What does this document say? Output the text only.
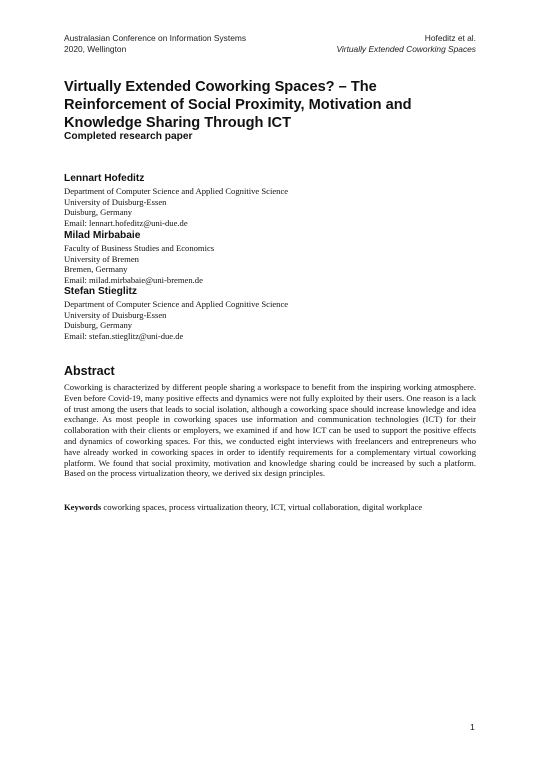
Australasian Conference on Information Systems
2020, Wellington
Hofeditz et al.
Virtually Extended Coworking Spaces
Virtually Extended Coworking Spaces? – The
Reinforcement of Social Proximity, Motivation and
Knowledge Sharing Through ICT
Completed research paper
Lennart Hofeditz
Department of Computer Science and Applied Cognitive Science
University of Duisburg-Essen
Duisburg, Germany
Email: lennart.hofeditz@uni-due.de
Milad Mirbabaie
Faculty of Business Studies and Economics
University of Bremen
Bremen, Germany
Email: milad.mirbabaie@uni-bremen.de
Stefan Stieglitz
Department of Computer Science and Applied Cognitive Science
University of Duisburg-Essen
Duisburg, Germany
Email: stefan.stieglitz@uni-due.de
Abstract
Coworking is characterized by different people sharing a workspace to benefit from the inspiring working atmosphere. Even before Covid-19, many positive effects and dynamics were not fully exploited by their users. One reason is a lack of trust among the users that leads to social isolation, although a coworking space should increase knowledge and idea exchange. As most people in coworking spaces use information and communication technologies (ICT) for their collaboration with their clients or employers, we examined if and how ICT can be used to support the positive effects and dynamics of coworking spaces. For this, we conducted eight interviews with freelancers and entrepreneurs who have already worked in coworking spaces in order to identify requirements for a complementary virtual coworking platform. We found that social proximity, motivation and knowledge sharing could be increased by such a platform. Based on the process virtualization theory, we derived six design principles.
Keywords coworking spaces, process virtualization theory, ICT, virtual collaboration, digital workplace
1
